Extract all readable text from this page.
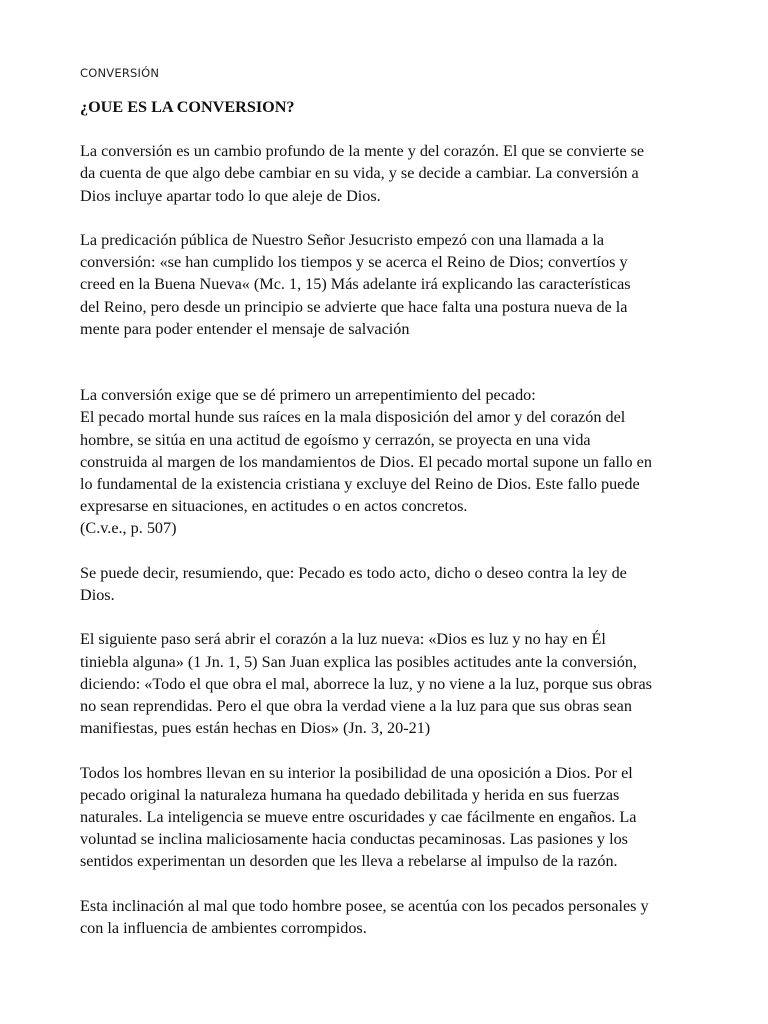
CONVERSIÓN
¿OUE ES LA CONVERSION?
La conversión es un cambio profundo de la mente y del corazón. El que se convierte se
da cuenta de que algo debe cambiar en su vida, y se decide a cambiar. La conversión a
Dios incluye apartar todo lo que aleje de Dios.
La predicación pública de Nuestro Señor Jesucristo empezó con una llamada a la
conversión: «se han cumplido los tiempos y se acerca el Reino de Dios; convertíos y
creed en la Buena Nueva« (Mc. 1, 15) Más adelante irá explicando las características
del Reino, pero desde un principio se advierte que hace falta una postura nueva de la
mente para poder entender el mensaje de salvación
La conversión exige que se dé primero un arrepentimiento del pecado:
El pecado mortal hunde sus raíces en la mala disposición del amor y del corazón del
hombre, se sitúa en una actitud de egoísmo y cerrazón, se proyecta en una vida
construida al margen de los mandamientos de Dios. El pecado mortal supone un fallo en
lo fundamental de la existencia cristiana y excluye del Reino de Dios. Este fallo puede
expresarse en situaciones, en actitudes o en actos concretos.
(C.v.e., p. 507)
Se puede decir, resumiendo, que: Pecado es todo acto, dicho o deseo contra la ley de
Dios.
El siguiente paso será abrir el corazón a la luz nueva: «Dios es luz y no hay en Él
tiniebla alguna» (1 Jn. 1, 5) San Juan explica las posibles actitudes ante la conversión,
diciendo: «Todo el que obra el mal, aborrece la luz, y no viene a la luz, porque sus obras
no sean reprendidas. Pero el que obra la verdad viene a la luz para que sus obras sean
manifiestas, pues están hechas en Dios» (Jn. 3, 20-21)
Todos los hombres llevan en su interior la posibilidad de una oposición a Dios. Por el
pecado original la naturaleza humana ha quedado debilitada y herida en sus fuerzas
naturales. La inteligencia se mueve entre oscuridades y cae fácilmente en engaños. La
voluntad se inclina maliciosamente hacia conductas pecaminosas. Las pasiones y los
sentidos experimentan un desorden que les lleva a rebelarse al impulso de la razón.
Esta inclinación al mal que todo hombre posee, se acentúa con los pecados personales y
con la influencia de ambientes corrompidos.
